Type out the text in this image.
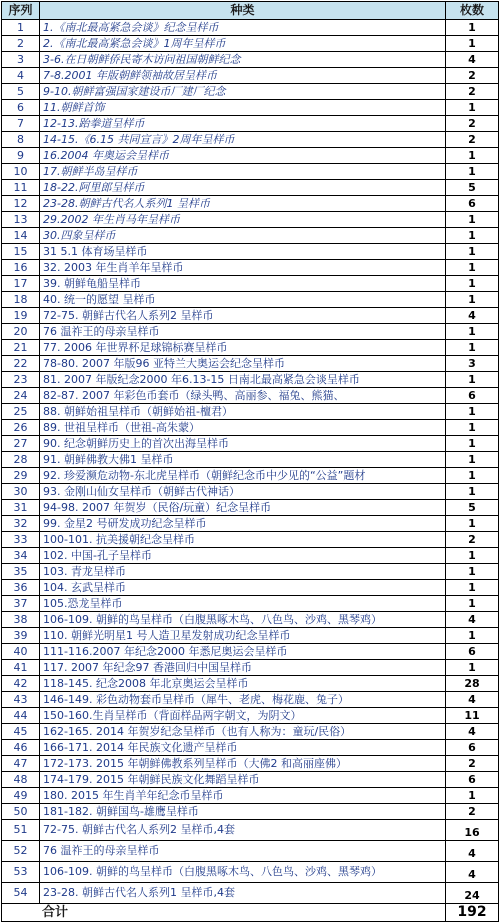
序列	种类	枚数
1	1.《南北最高紧急会谈》纪念呈样币	1
2	2.《南北最高紧急会谈》1周年呈样币	1
3	3-6.在日朝鲜侨民寄木访问祖国朝鲜纪念	4
4	7-8.2001 年版朝鲜领袖故居呈样币	2
5	9-10.朝鲜富强国家建设币厂建厂纪念	2
6	11.朝鲜首饰	1
7	12-13.跆拳道呈样币	2
8	14-15.《6.15 共同宣言》2周年呈样币	2
9	16.2004 年奥运会呈样币	1
10	17.朝鲜半岛呈样币	1
11	18-22.阿里郎呈样币	5
12	23-28.朝鲜古代名人系列1 呈样币	6
13	29.2002 年生肖马年呈样币	1
14	30.四象呈样币	1
15	31 5.1 体育场呈样币	1
16	32. 2003 年生肖羊年呈样币	1
17	39. 朝鲜龟船呈样币	1
18	40. 统一的愿望 呈样币	1
19	72-75. 朝鲜古代名人系列2 呈样币	4
20	76 温祚王的母亲呈样币	1
21	77. 2006 年世界杯足球锦标赛呈样币	1
22	78-80. 2007 年版96 亚特兰大奥运会纪念呈样币	3
23	81. 2007 年版纪念2000 年6.13-15 日南北最高紧急会谈呈样币	1
24	82-87. 2007 年彩色币套币（绿头鸭、高丽参、福兔、熊猫、	6
25	88. 朝鲜始祖呈样币（朝鲜始祖-檀君）	1
26	89. 世祖呈样币（世祖-高朱蒙）	1
27	90. 纪念朝鲜历史上的首次出海呈样币	1
28	91. 朝鲜佛教大佛1 呈样币	1
29	92. 珍爱濒危动物-东北虎呈样币（朝鲜纪念币中少见的“公益”题材	1
30	93. 金刚山仙女呈样币（朝鲜古代神话）	1
31	94-98. 2007 年贺岁（民俗/玩童）纪念呈样币	5
32	99. 金星2 号研发成功纪念呈样币	1
33	100-101. 抗美援朝纪念呈样币	2
34	102. 中国-孔子呈样币	1
35	103. 青龙呈样币	1
36	104. 玄武呈样币	1
37	105.恐龙呈样币	1
38	106-109. 朝鲜的鸟呈样币（白腹黑啄木鸟、八色鸟、沙鸡、黑琴鸡）	4
39	110. 朝鲜光明星1 号人造卫星发射成功纪念呈样币	1
40	111-116.2007 年纪念2000 年悉尼奥运会呈样币	6
41	117. 2007 年纪念97 香港回归中国呈样币	1
42	118-145. 纪念2008 年北京奥运会呈样币	28
43	146-149. 彩色动物套币呈样币（犀牛、老虎、梅花鹿、兔子）	4
44	150-160.生肖呈样币（背面样品两字朝文，为阴文）	11
45	162-165. 2014 年贺岁纪念呈样币（也有人称为：童玩/民俗）	4
46	166-171. 2014 年民族文化遗产呈样币	6
47	172-173. 2015 年朝鲜佛教系列呈样币（大佛2 和高丽座佛）	2
48	174-179. 2015 年朝鲜民族文化舞蹈呈样币	6
49	180. 2015 年生肖羊年纪念币呈样币	1
50	181-182. 朝鲜国鸟-雄鹰呈样币	2
51	72-75. 朝鲜古代名人系列2 呈样币,4套	16
52	76 温祚王的母亲呈样币	4
53	106-109. 朝鲜的鸟呈样币（白腹黑啄木鸟、八色鸟、沙鸡、黑琴鸡）	4
54	23-28. 朝鲜古代名人系列1 呈样币,4套	24
合计		192
